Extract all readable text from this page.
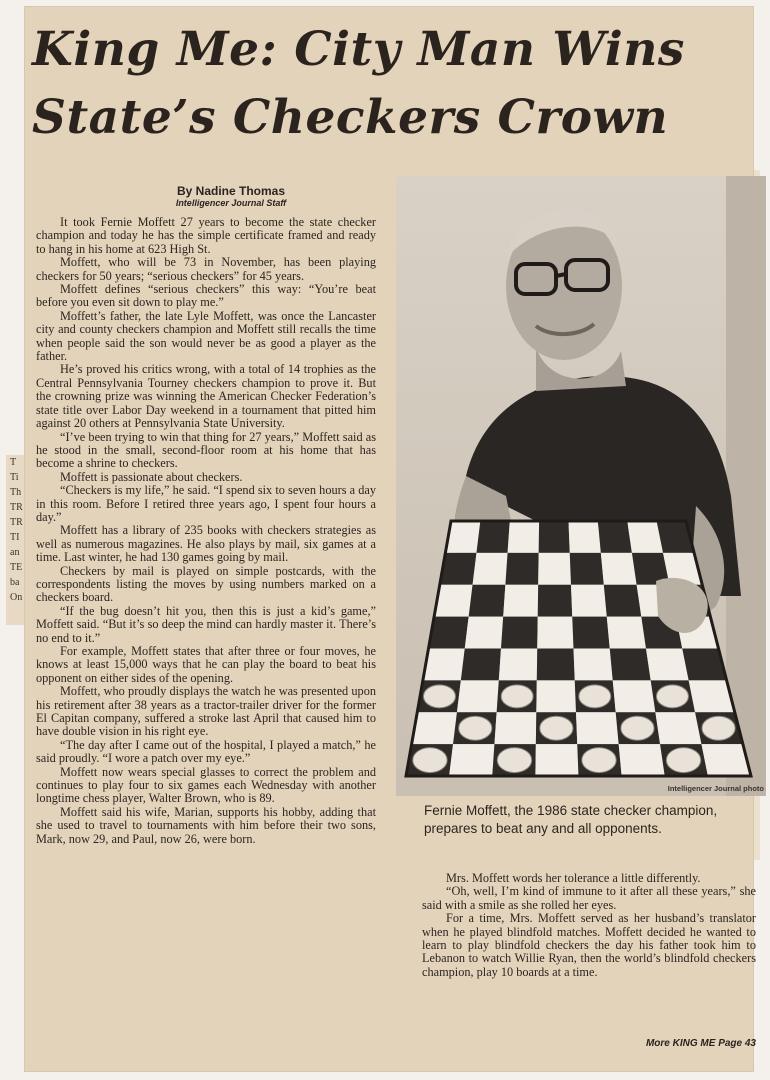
T
Ti
Th
TR
TR
TI
an
TE
ba
On
King Me: City Man Wins
State’s Checkers Crown
By Nadine Thomas
Intelligencer Journal Staff

It took Fernie Moffett 27 years to become the state checker champion and today he has the simple certificate framed and ready to hang in his home at 623 High St.

Moffett, who will be 73 in November, has been playing checkers for 50 years; “serious checkers” for 45 years.

Moffett defines “serious checkers” this way: “You’re beat before you even sit down to play me.”

Moffett’s father, the late Lyle Moffett, was once the Lancaster city and county checkers champion and Moffett still recalls the time when people said the son would never be as good a player as the father.

He’s proved his critics wrong, with a total of 14 trophies as the Central Pennsylvania Tourney checkers champion to prove it. But the crowning prize was winning the American Checker Federation’s state title over Labor Day weekend in a tournament that pitted him against 20 others at Pennsylvania State University.

“I’ve been trying to win that thing for 27 years,” Moffett said as he stood in the small, second-floor room at his home that has become a shrine to checkers.

Moffett is passionate about checkers.

“Checkers is my life,” he said. “I spend six to seven hours a day in this room. Before I retired three years ago, I spent four hours a day.”

Moffett has a library of 235 books with checkers strategies as well as numerous magazines. He also plays by mail, six games at a time. Last winter, he had 130 games going by mail.

Checkers by mail is played on simple postcards, with the correspondents listing the moves by using numbers marked on a checkers board.

“If the bug doesn’t hit you, then this is just a kid’s game,” Moffett said. “But it’s so deep the mind can hardly master it. There’s no end to it.”

For example, Moffett states that after three or four moves, he knows at least 15,000 ways that he can play the board to beat his opponent on either sides of the opening.

Moffett, who proudly displays the watch he was presented upon his retirement after 38 years as a tractor-trailer driver for the former El Capitan company, suffered a stroke last April that caused him to have double vision in his right eye.

“The day after I came out of the hospital, I played a match,” he said proudly. “I wore a patch over my eye.”

Moffett now wears special glasses to correct the problem and continues to play four to six games each Wednesday with another longtime chess player, Walter Brown, who is 89.

Moffett said his wife, Marian, supports his hobby, adding that she used to travel to tournaments with him before their two sons, Mark, now 29, and Paul, now 26, were born.

Intelligencer Journal photo
Fernie Moffett, the 1986 state checker champion, prepares to beat any and all opponents.

Mrs. Moffett words her tolerance a little differently.

“Oh, well, I’m kind of immune to it after all these years,” she said with a smile as she rolled her eyes.

For a time, Mrs. Moffett served as her husband’s translator when he played blindfold matches. Moffett decided he wanted to learn to play blindfold checkers the day his father took him to Lebanon to watch Willie Ryan, then the world’s blindfold checkers champion, play 10 boards at a time.

More KING ME Page 43
